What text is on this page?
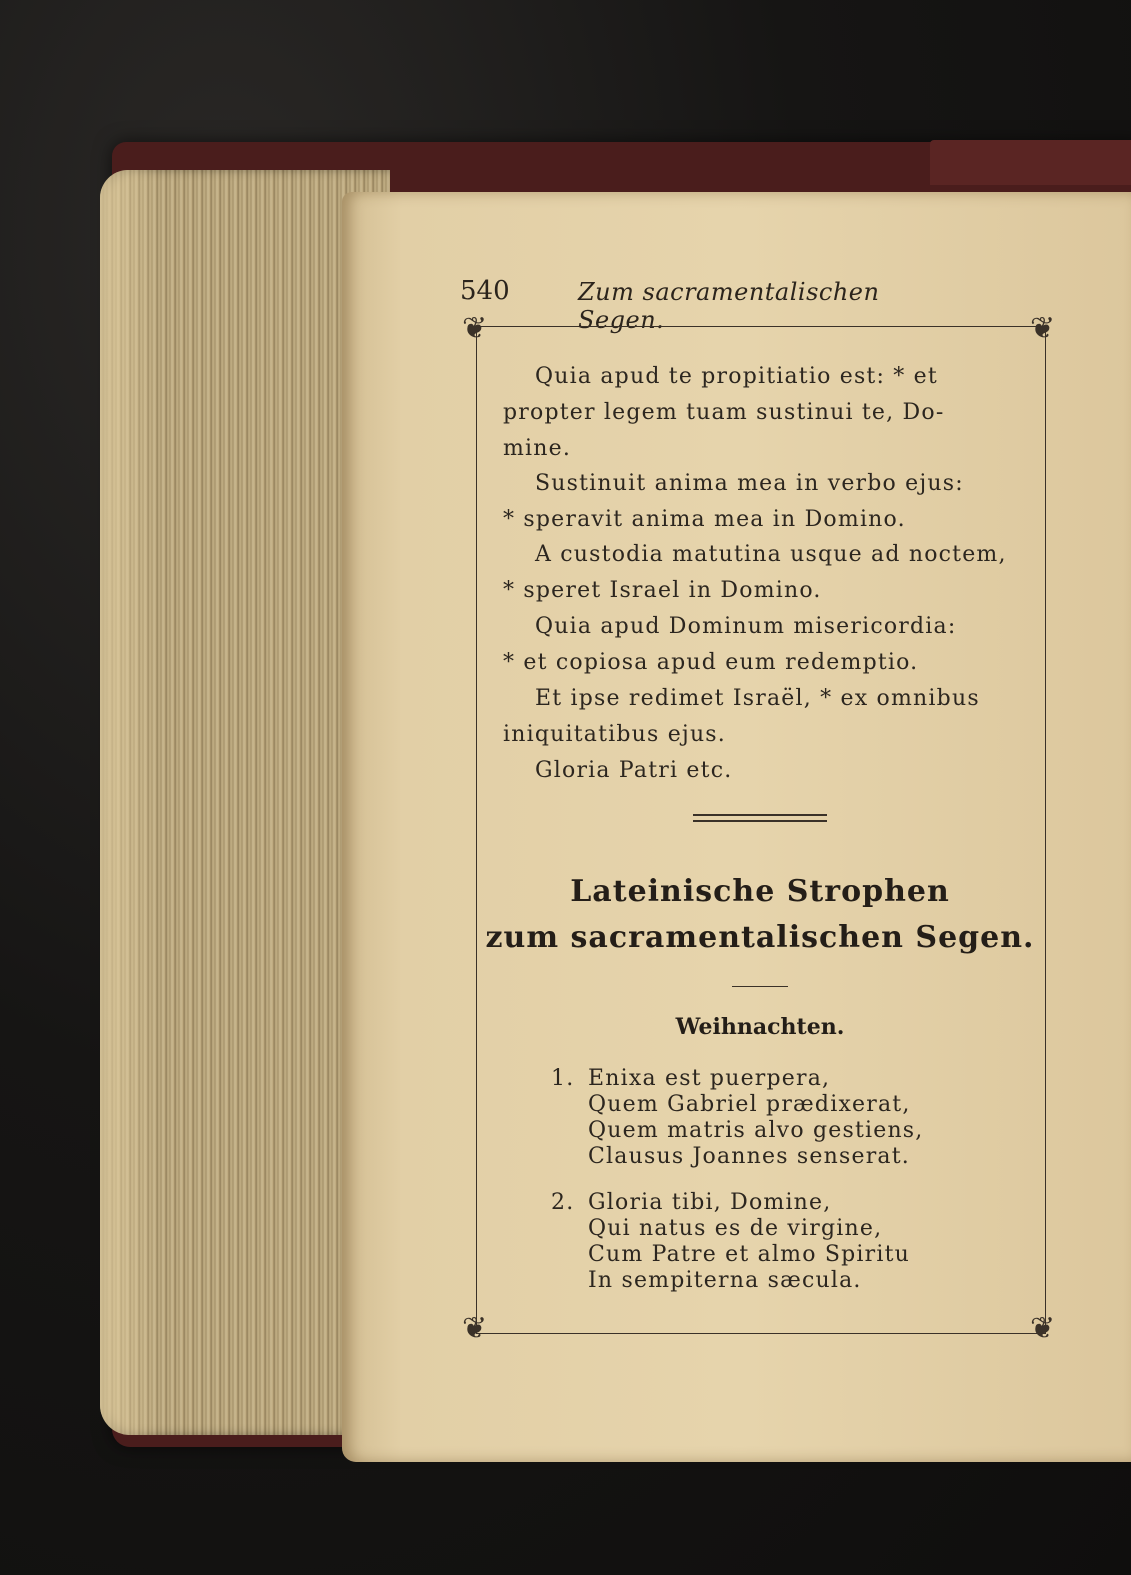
540	Zum sacramentalischen Segen.
❦	❦
❦	❦
Quia apud te propitiatio est: * et
propter legem tuam sustinui te, Do-
mine.
Sustinuit anima mea in verbo ejus:
* speravit anima mea in Domino.
A custodia matutina usque ad noctem,
* speret Israel in Domino.
Quia apud Dominum misericordia:
* et copiosa apud eum redemptio.
Et ipse redimet Israël, * ex omnibus
iniquitatibus ejus.
Gloria Patri etc.
Lateinische Strophen
zum sacramentalischen Segen.
Weihnachten.
1. Enixa est puerpera,
Quem Gabriel prædixerat,
Quem matris alvo gestiens,
Clausus Joannes senserat.
2. Gloria tibi, Domine,
Qui natus es de virgine,
Cum Patre et almo Spiritu
In sempiterna sæcula.
